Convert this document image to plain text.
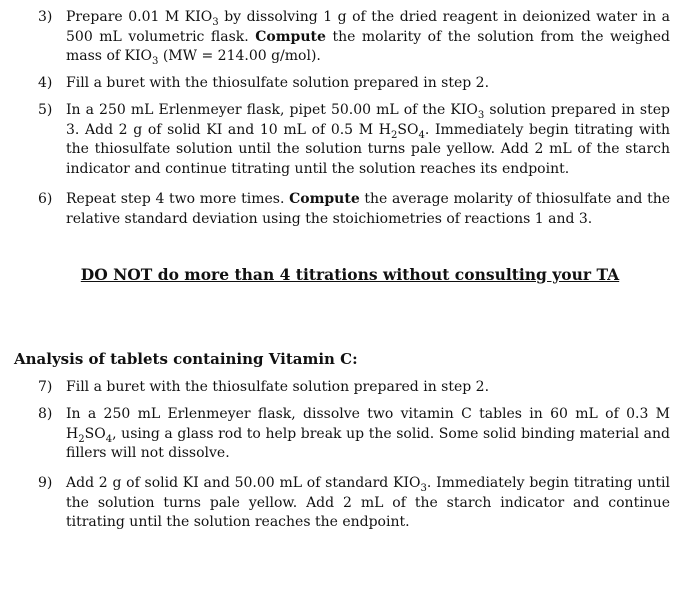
3) Prepare 0.01 M $KIO_3$ by dissolving 1 g of the dried reagent in deionized water in a 500 mL volumetric flask. Compute the molarity of the solution from the weighed mass of $KIO_3$ (MW = 214.00 g/mol).
4) Fill a buret with the thiosulfate solution prepared in step 2.
5) In a 250 mL Erlenmeyer flask, pipet 50.00 mL of the $KIO_3$ solution prepared in step 3. Add 2 g of solid KI and 10 mL of 0.5 M $H_2SO_4$. Immediately begin titrating with the thiosulfate solution until the solution turns pale yellow. Add 2 mL of the starch indicator and continue titrating until the solution reaches its endpoint.
6) Repeat step 4 two more times. Compute the average molarity of thiosulfate and the relative standard deviation using the stoichiometries of reactions 1 and 3.
DO NOT do more than 4 titrations without consulting your TA
Analysis of tablets containing Vitamin C:
7) Fill a buret with the thiosulfate solution prepared in step 2.
8) In a 250 mL Erlenmeyer flask, dissolve two vitamin C tables in 60 mL of 0.3 M $H_2SO_4$, using a glass rod to help break up the solid. Some solid binding material and fillers will not dissolve.
9) Add 2 g of solid KI and 50.00 mL of standard $KIO_3$. Immediately begin titrating until the solution turns pale yellow. Add 2 mL of the starch indicator and continue titrating until the solution reaches the endpoint.
